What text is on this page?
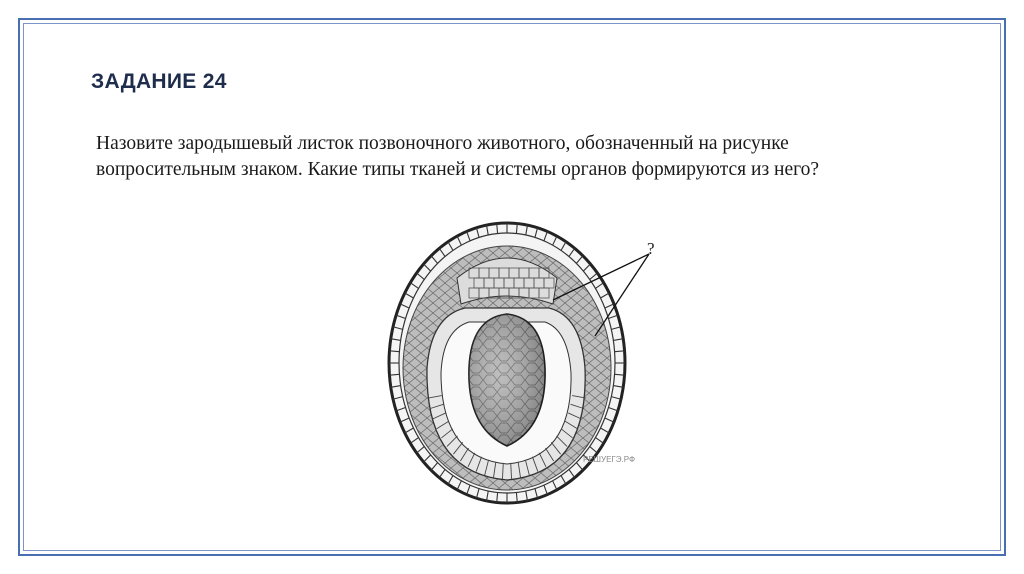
ЗАДАНИЕ 24

Назовите зародышевый листок позвоночного животного, обозначенный на рисунке вопросительным знаком. Какие типы тканей и системы органов формируются из него?

?
РЕШУЕГЭ.РФ
